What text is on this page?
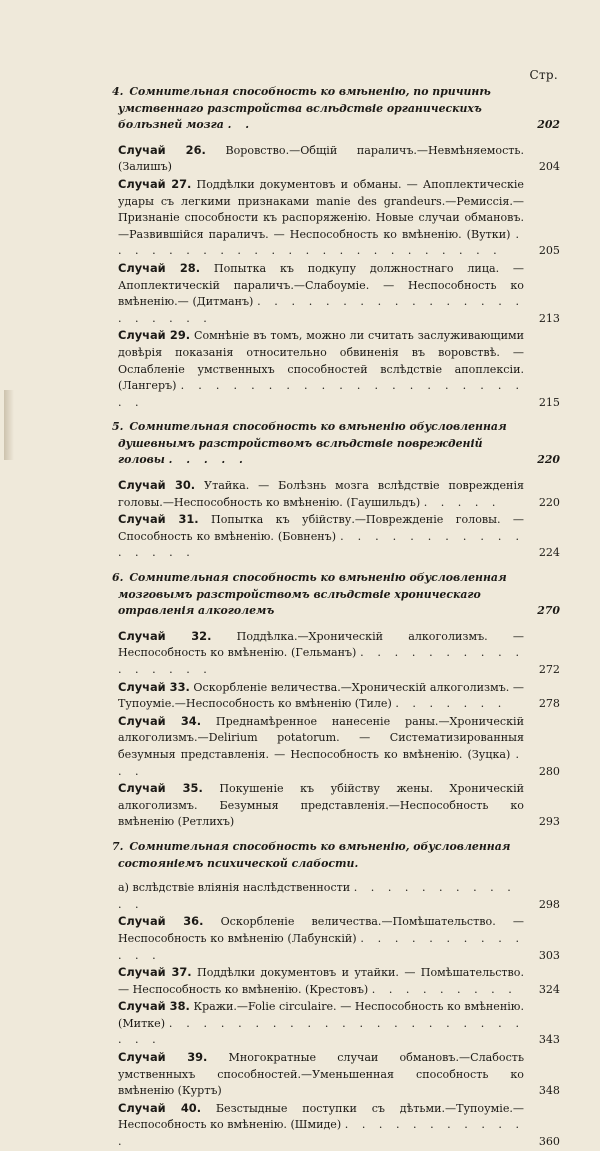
Стр.
4. Сомнительная способность ко вмѣненію, по причинѣ умственнаго разстройства вслѣдствіе органическихъ болѣзней мозга . .	202
Случай 26. Воровство.—Общій параличъ.—Невмѣняемость. (Залишъ)	204
Случай 27. Поддѣлки документовъ и обманы. — Апоплектическіе удары съ легкими признаками manie des grandeurs.—Ремиссія.— Признаніе способности къ распоряженію. Новые случаи обмановъ.—Развившійся параличъ. — Неспособность ко вмѣненію. (Вутки) . . . . . . . . . . . . . . . . . . . . . . . .	205
Случай 28. Попытка къ подкупу должностнаго лица. — Апоплектическій параличъ.—Слабоуміе. — Неспособность ко вмѣненію.— (Дитманъ) . . . . . . . . . . . . . . . . . . . . . .	213
Случай 29. Сомнѣніе въ томъ, можно ли считать заслуживающими довѣрія показанія относительно обвиненія въ воровствѣ. — Ослабленіе умственныхъ способностей вслѣдствіе апоплексіи. (Лангеръ) . . . . . . . . . . . . . . . . . . . . . .	215
5. Сомнительная способность ко вмѣненію обусловленная душевнымъ разстройствомъ вслѣдствіе поврежденій головы . . . . .	220
Случай 30. Утайка. — Болѣзнь мозга вслѣдствіе поврежденія головы.—Неспособность ко вмѣненію. (Гаушильдъ) . . . . .	220
Случай 31. Попытка къ убійству.—Поврежденіе головы. — Способность ко вмѣненію. (Бовненъ) . . . . . . . . . . . . . . . .	224
6. Сомнительная способность ко вмѣненію обусловленная мозговымъ разстройствомъ вслѣдствіе хроническаго отравленія алкоголемъ	270
Случай 32. Поддѣлка.—Хроническій алкоголизмъ. — Неспособность ко вмѣненію. (Гельманъ) . . . . . . . . . . . . . . . .	272
Случай 33. Оскорбленіе величества.—Хроническій алкоголизмъ. — Тупоуміе.—Неспособность ко вмѣненію (Тиле) . . . . . . .	278
Случай 34. Преднамѣренное нанесеніе раны.—Хроническій алкоголизмъ.—Delirium potatorum. — Систематизированныя безумныя представленія. — Неспособность ко вмѣненію. (Зуцка) . . .	280
Случай 35. Покушеніе къ убійству жены. Хроническій алкоголизмъ. Безумныя представленія.—Неспособность ко вмѣненію (Ретлихъ)	293
7. Сомнительная способность ко вмѣненію, обусловленная состояніемъ психической слабости.
а) вслѣдствіе вліянія наслѣдственности . . . . . . . . . . . .	298
Случай 36. Оскорбленіе величества.—Помѣшательство. — Неспособность ко вмѣненію (Лабунскій) . . . . . . . . . . . . .	303
Случай 37. Поддѣлки документовъ и утайки. — Помѣшательство. — Неспособность ко вмѣненію. (Крестовъ) . . . . . . . . .	324
Случай 38. Кражи.—Folie circulaire. — Неспособность ко вмѣненію. (Митке) . . . . . . . . . . . . . . . . . . . . . . . .	343
Случай 39. Многократные случаи обмановъ.—Слабость умственныхъ способностей.—Уменьшенная способность ко вмѣненію (Куртъ)	348
Случай 40. Безстыдные поступки съ дѣтьми.—Тупоуміе.—Неспособность ко вмѣненію. (Шмиде) . . . . . . . . . . . .	360
